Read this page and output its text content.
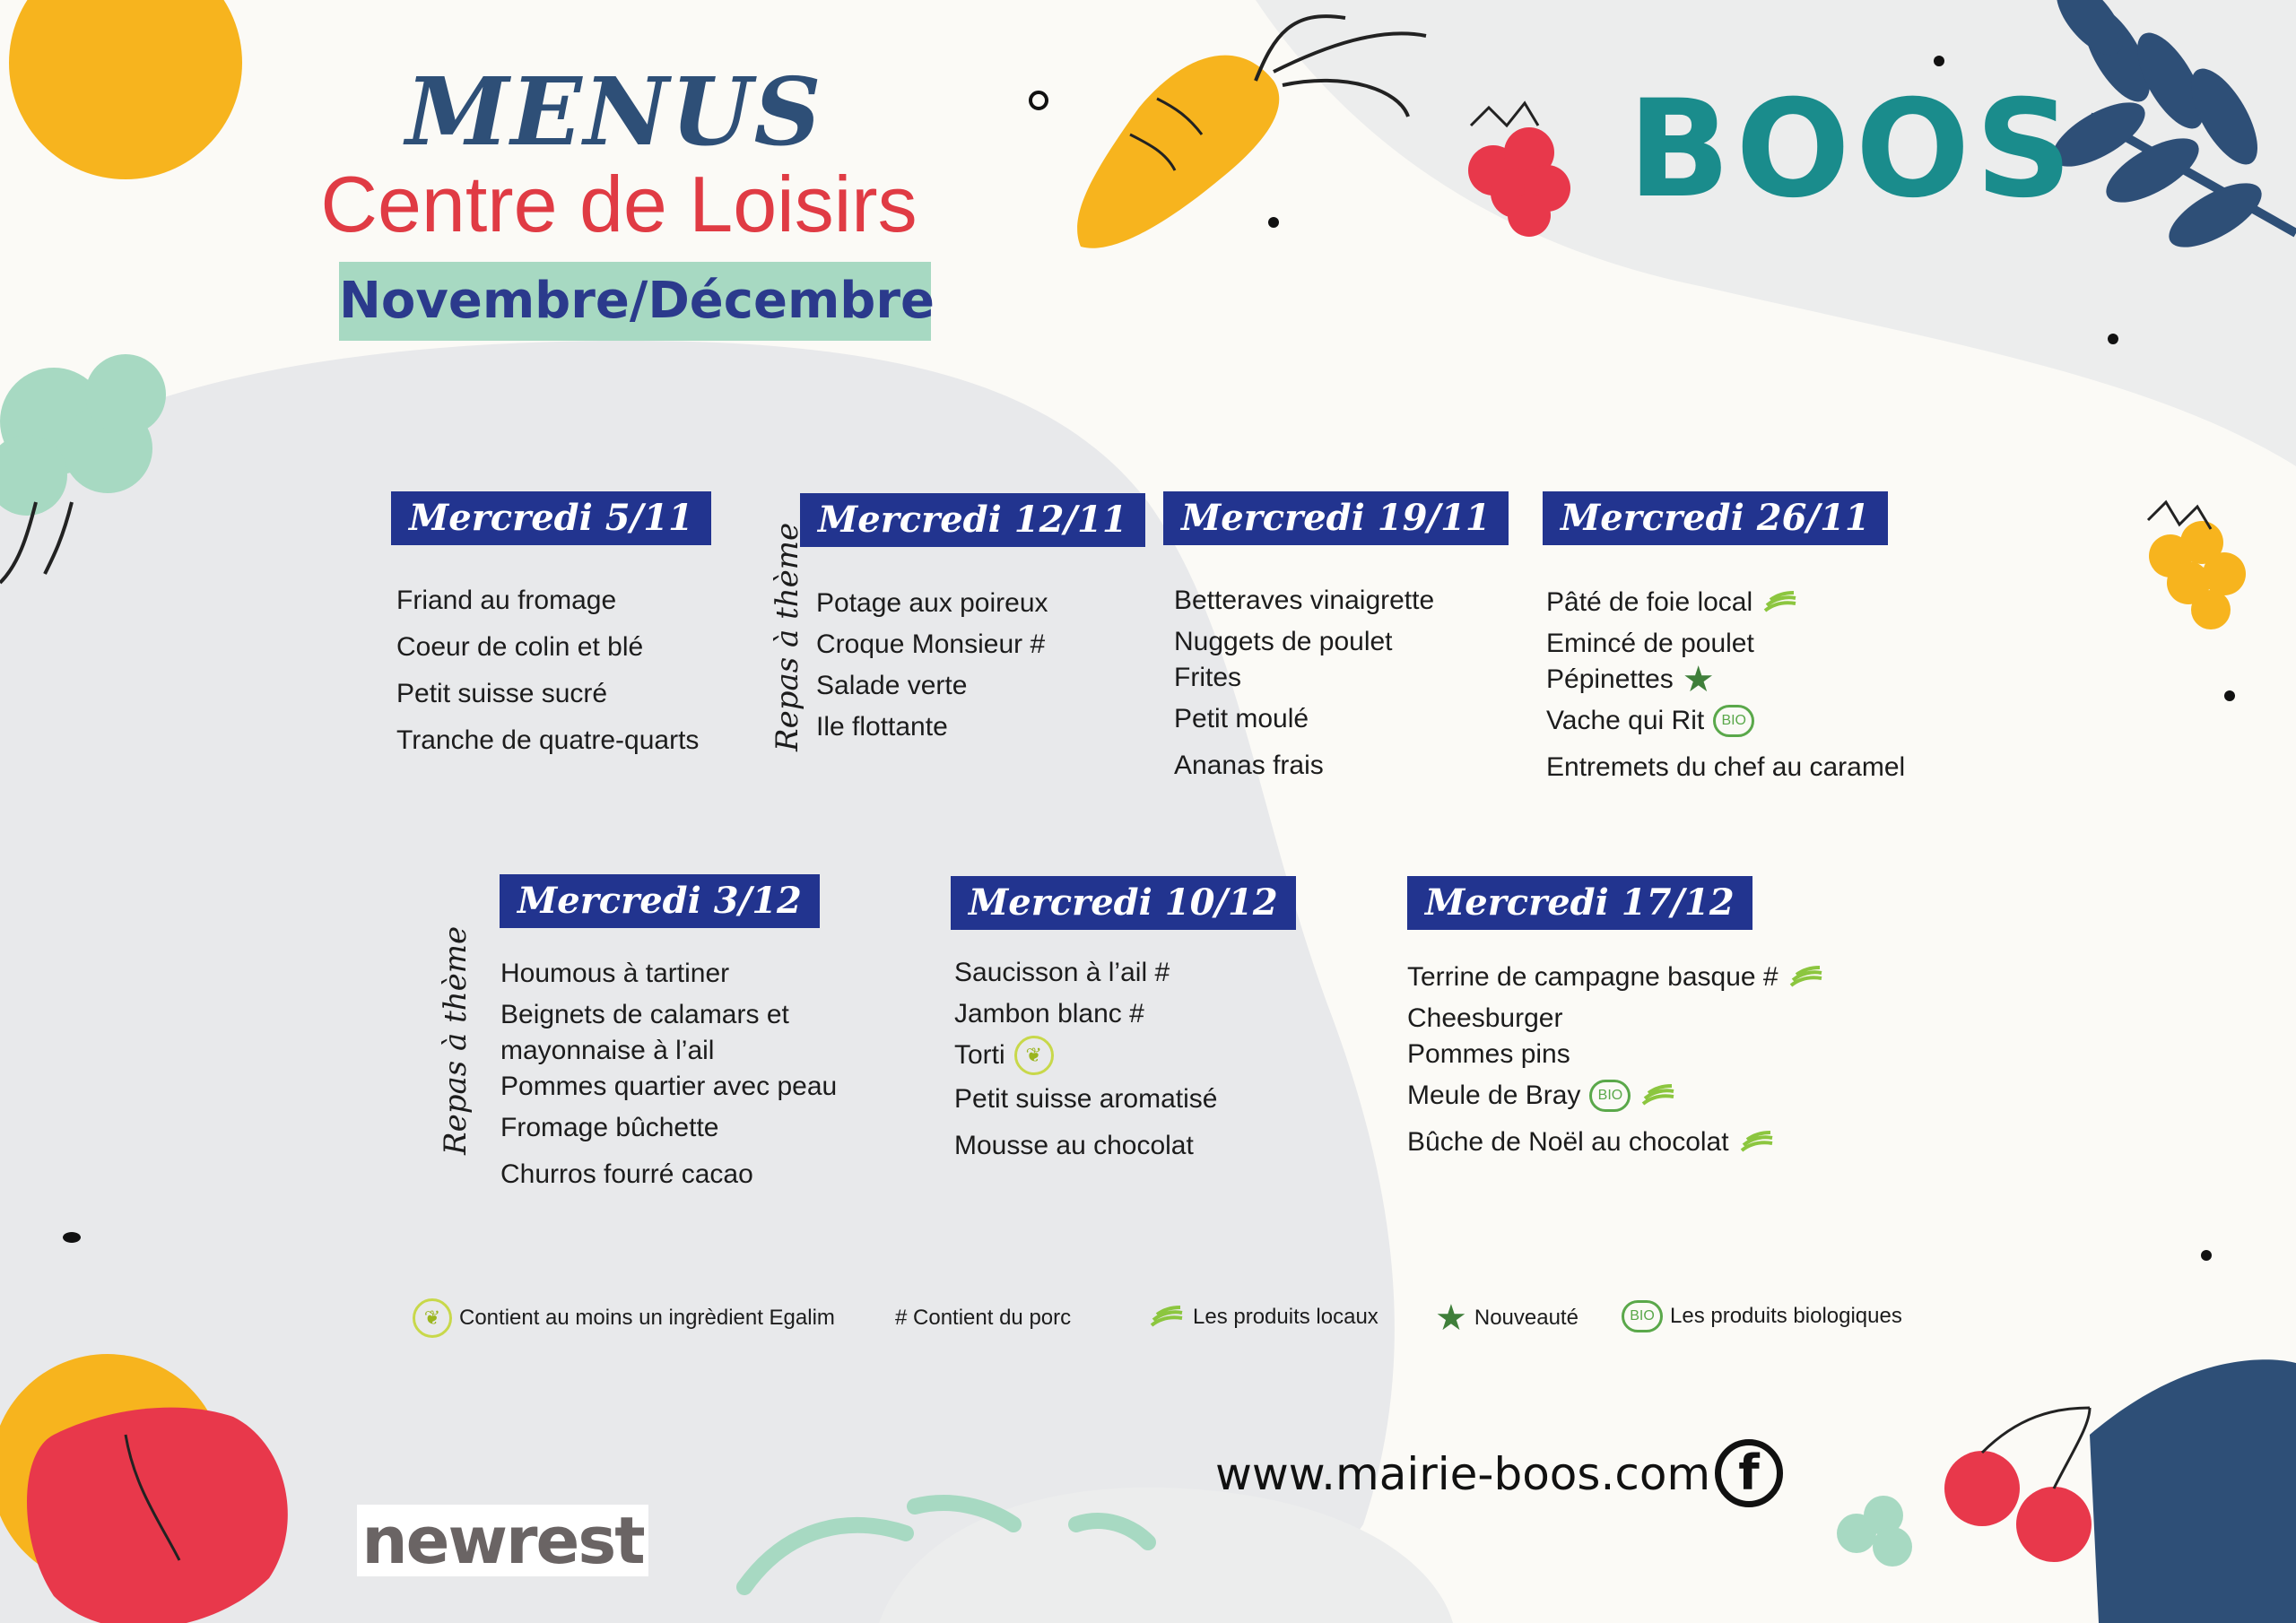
MENUS
Centre de Loisirs
Novembre/Décembre
BOOS
Mercredi 5/11
Friand au fromage
Coeur de colin et blé
Petit suisse sucré
Tranche de quatre-quarts
Mercredi 12/11
Repas à thème Potage aux poireux
Croque Monsieur #
Salade verte
Ile flottante
Mercredi 19/11
Betteraves vinaigrette
Nuggets de poulet
Frites
Petit moulé
Ananas frais
Mercredi 26/11
Pâté de foie local
Emincé de poulet
Pépinettes ★
Vache qui Rit	BIO
Entremets du chef au caramel
Mercredi 3/12
Repas à thème Houmous à tartiner
Beignets de calamars et
mayonnaise à l’ail
Pommes quartier avec peau
Fromage bûchette
Churros fourré cacao
Mercredi 10/12
Saucisson à l’ail #
Jambon blanc #
Torti	❦
Petit suisse aromatisé
Mousse au chocolat
Mercredi 17/12
Terrine de campagne basque #
Cheesburger
Pommes pins
Meule de Bray	BIO
Bûche de Noël au chocolat
❦ Contient au moins un ingrèdient Egalim	# Contient du porc	Les produits locaux ★ Nouveauté	BIO Les produits biologiques
www.mairie-boos.com f
newrest
